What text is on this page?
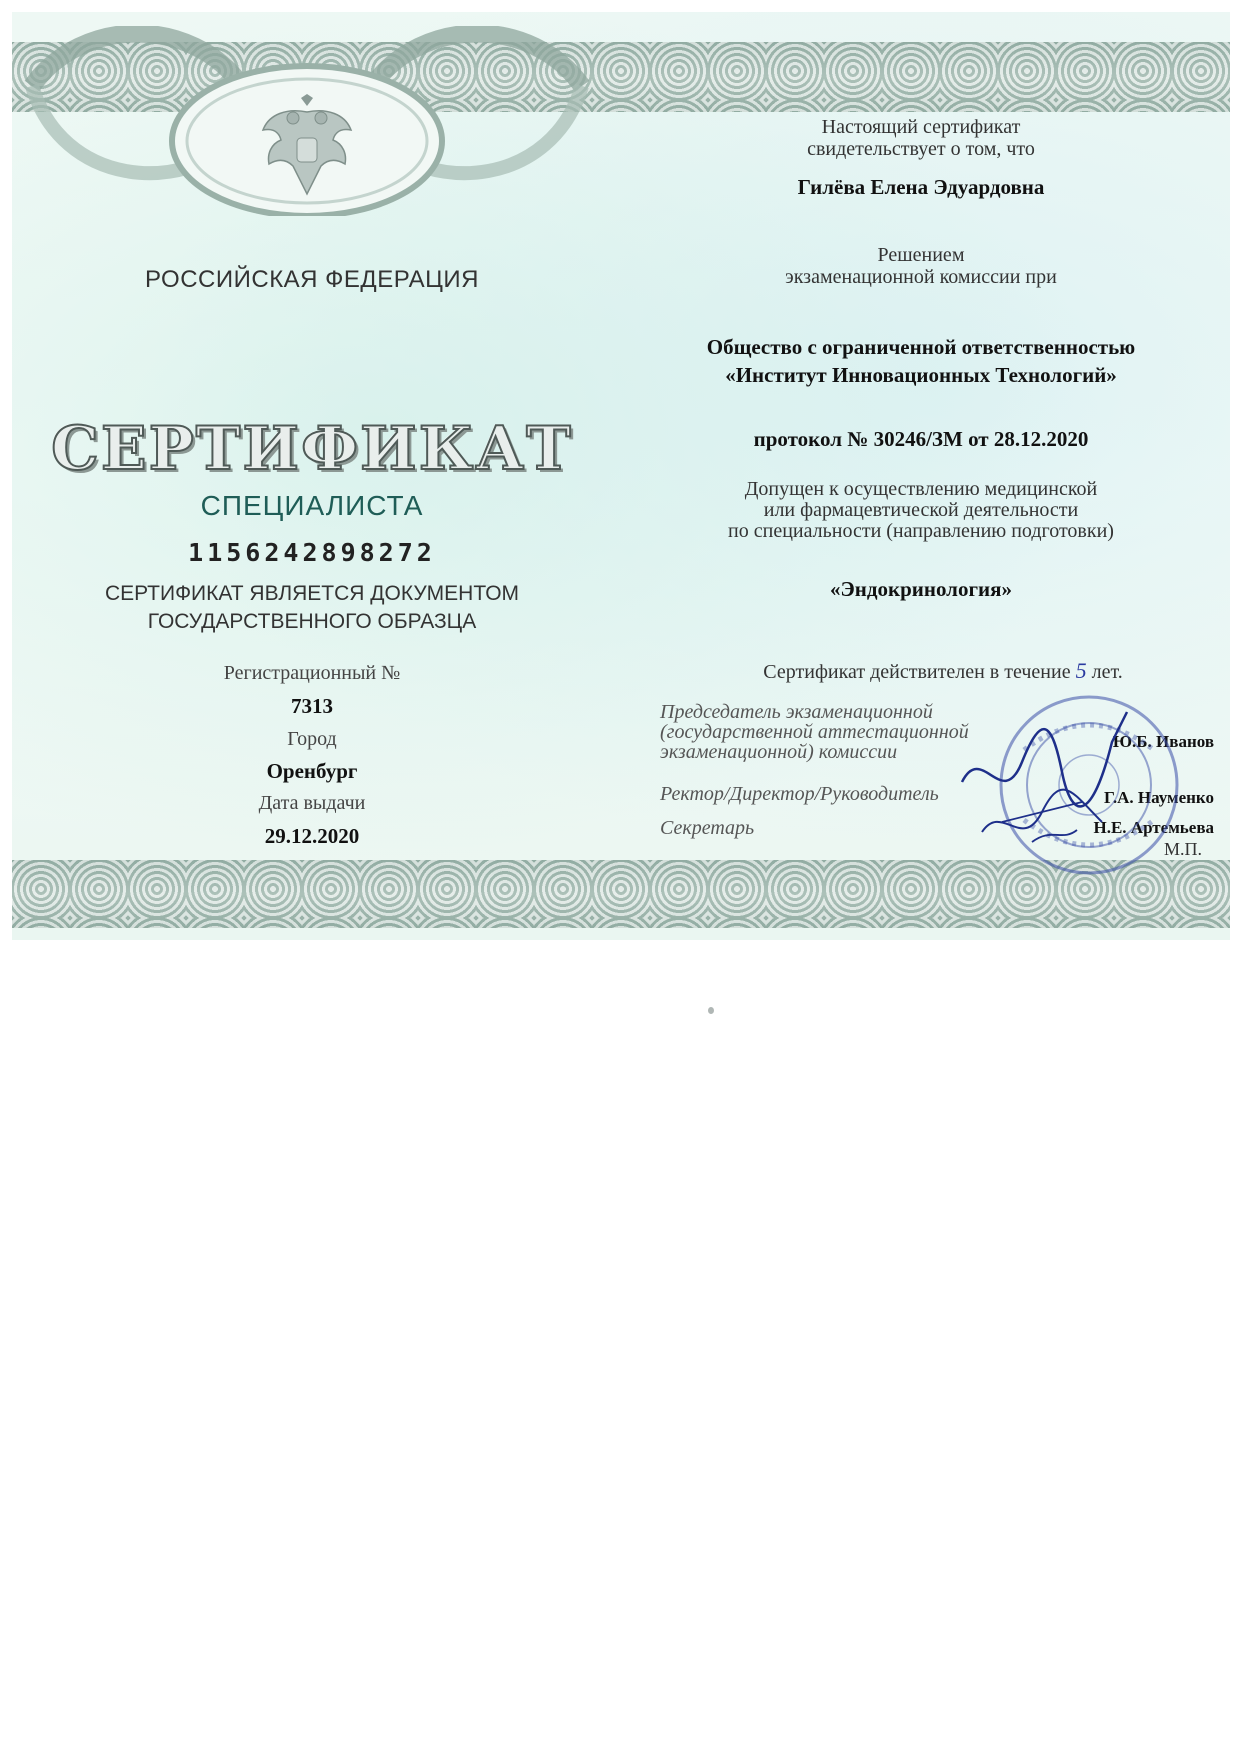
РОССИЙСКАЯ ФЕДЕРАЦИЯ
СЕРТИФИКАТ
СПЕЦИАЛИСТА
1156242898272
СЕРТИФИКАТ ЯВЛЯЕТСЯ ДОКУМЕНТОМ
ГОСУДАРСТВЕННОГО ОБРАЗЦА
Регистрационный №
7313
Город
Оренбург
Дата выдачи
29.12.2020
Настоящий сертификат
свидетельствует о том, что
Гилёва Елена Эдуардовна
Решением
экзаменационной комиссии при
Общество с ограниченной ответственностью
«Институт Инновационных Технологий»
протокол № 30246/ЗМ от 28.12.2020
Допущен к осуществлению медицинской
или фармацевтической деятельности
по специальности (направлению подготовки)
«Эндокринология»
Сертификат действителен в течение 5 лет.
Председатель экзаменационной
(государственной аттестационной
экзаменационной) комиссии	Ю.Б. Иванов
Ректор/Директор/Руководитель	Г.А. Науменко
Секретарь	Н.Е. Артемьева
М.П.
